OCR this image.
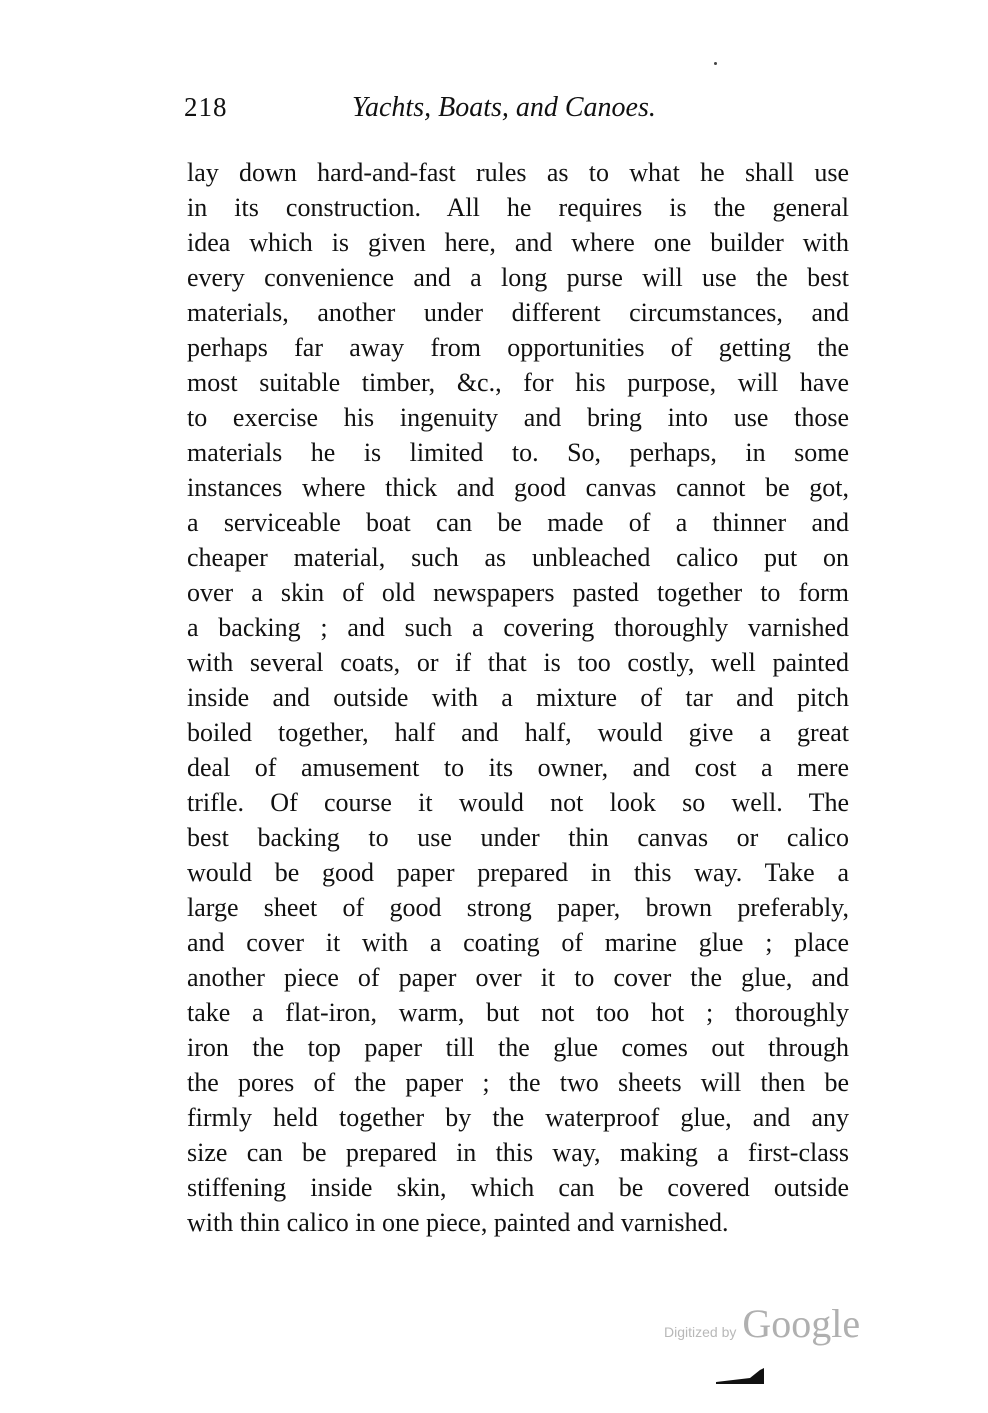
218	Yachts, Boats, and Canoes.
lay down hard-and-fast rules as to what he shall use
in its construction. All he requires is the general
idea which is given here, and where one builder with
every convenience and a long purse will use the best
materials, another under different circumstances, and
perhaps far away from opportunities of getting the
most suitable timber, &c., for his purpose, will have
to exercise his ingenuity and bring into use those
materials he is limited to. So, perhaps, in some
instances where thick and good canvas cannot be got,
a serviceable boat can be made of a thinner and
cheaper material, such as unbleached calico put on
over a skin of old newspapers pasted together to form
a backing ; and such a covering thoroughly varnished
with several coats, or if that is too costly, well painted
inside and outside with a mixture of tar and pitch
boiled together, half and half, would give a great
deal of amusement to its owner, and cost a mere
trifle. Of course it would not look so well. The
best backing to use under thin canvas or calico
would be good paper prepared in this way. Take a
large sheet of good strong paper, brown preferably,
and cover it with a coating of marine glue ; place
another piece of paper over it to cover the glue, and
take a flat-iron, warm, but not too hot ; thoroughly
iron the top paper till the glue comes out through
the pores of the paper ; the two sheets will then be
firmly held together by the waterproof glue, and any
size can be prepared in this way, making a first-class
stiffening inside skin, which can be covered outside
with thin calico in one piece, painted and varnished.
Digitized by Google
